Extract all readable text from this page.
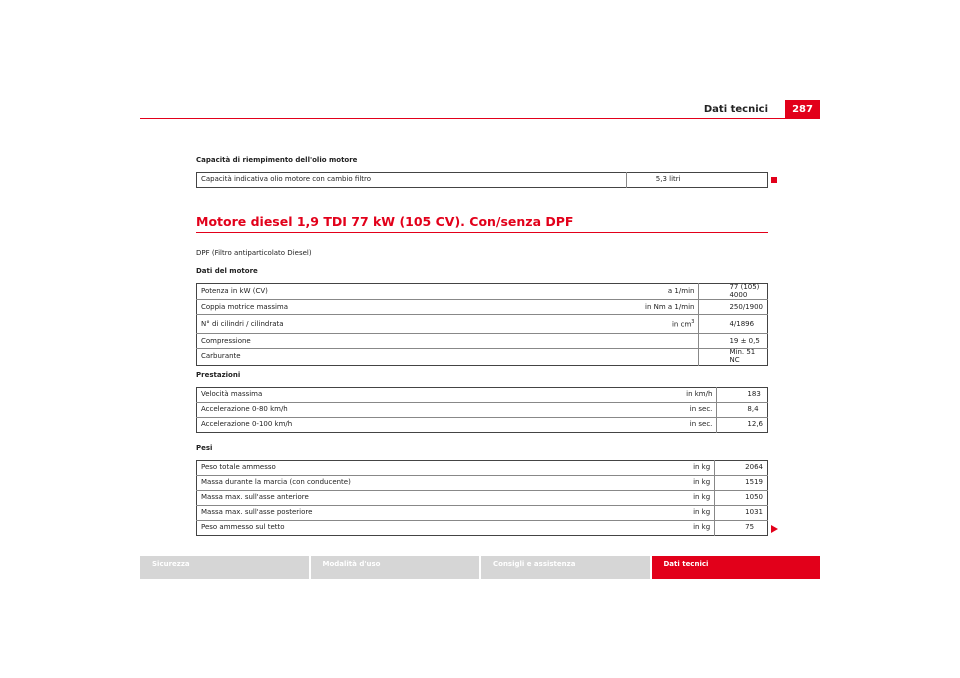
Dati tecnici	287
Capacità di riempimento dell'olio motore
Capacità indicativa olio motore con cambio filtro	5,3 litri
Motore diesel 1,9 TDI 77 kW (105 CV). Con/senza DPF
DPF (Filtro antiparticolato Diesel)
Dati del motore
Potenza in kW (CV)	a 1/min	77 (105) 4000
Coppia motrice massima	in Nm a 1/min	250/1900
N° di cilindri / cilindrata	in $cm^3$	4/1896
Compressione		19 ± 0,5
Carburante		Min. 51 NC
Prestazioni
Velocità massima	in km/h	183
Accelerazione 0-80 km/h	in sec.	8,4
Accelerazione 0-100 km/h	in sec.	12,6
Pesi
Peso totale ammesso	in kg	2064
Massa durante la marcia (con conducente)	in kg	1519
Massa max. sull'asse anteriore	in kg	1050
Massa max. sull'asse posteriore	in kg	1031
Peso ammesso sul tetto	in kg	75
Sicurezza	Modalità d'uso	Consigli e assistenza	Dati tecnici
